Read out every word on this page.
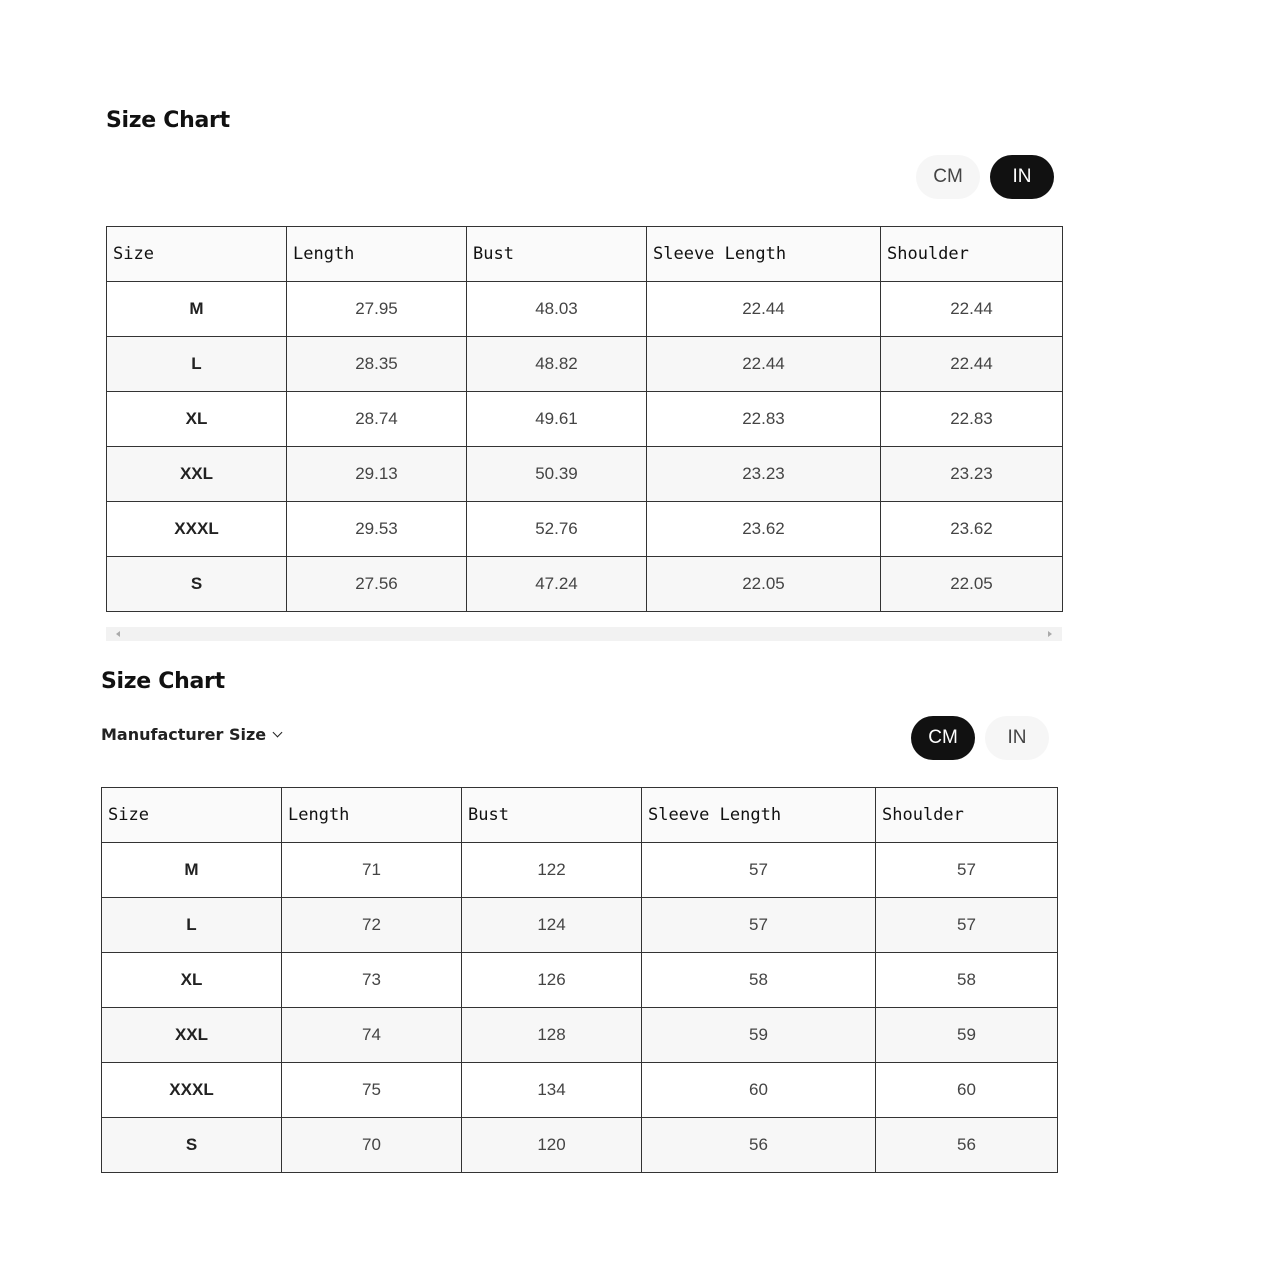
Size Chart
CM	IN
Size	Length	Bust	Sleeve Length	Shoulder
M	27.95	48.03	22.44	22.44
L	28.35	48.82	22.44	22.44
XL	28.74	49.61	22.83	22.83
XXL	29.13	50.39	23.23	23.23
XXXL	29.53	52.76	23.62	23.62
S	27.56	47.24	22.05	22.05
Size Chart
Manufacturer Size	CM	IN
Size	Length	Bust	Sleeve Length	Shoulder
M	71	122	57	57
L	72	124	57	57
XL	73	126	58	58
XXL	74	128	59	59
XXXL	75	134	60	60
S	70	120	56	56
